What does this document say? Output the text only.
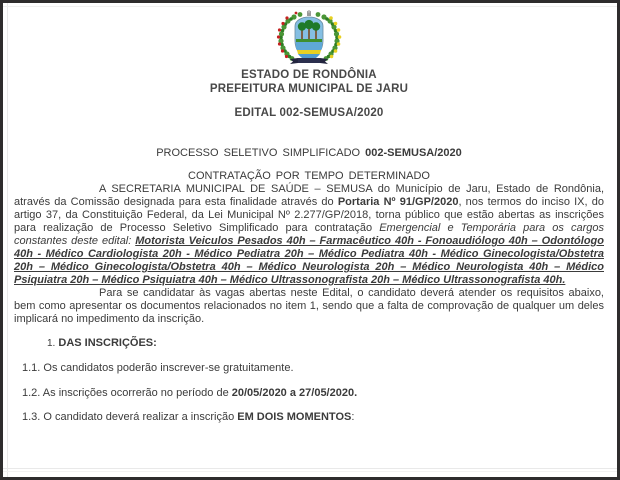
ESTADO DE RONDÔNIA
PREFEITURA MUNICIPAL DE JARU
EDITAL 002-SEMUSA/2020
PROCESSO SELETIVO SIMPLIFICADO 002-SEMUSA/2020
CONTRATAÇÃO POR TEMPO DETERMINADO

A SECRETARIA MUNICIPAL DE SAÚDE – SEMUSA do Município de Jaru, Estado de Rondônia, através da Comissão designada para esta finalidade através do Portaria Nº 91/GP/2020, nos termos do inciso IX, do artigo 37, da Constituição Federal, da Lei Municipal Nº 2.277/GP/2018, torna público que estão abertas as inscrições para realização de Processo Seletivo Simplificado para contratação Emergencial e Temporária para os cargos constantes deste edital: Motorista Veiculos Pesados 40h – Farmacêutico 40h - Fonoaudiólogo 40h – Odontólogo 40h - Médico Cardiologista 20h - Médico Pediatra 20h – Médico Pediatra 40h - Médico Ginecologista/Obstetra 20h – Médico Ginecologista/Obstetra 40h – Médico Neurologista 20h – Médico Neurologista 40h – Médico Psiquiatra 20h – Médico Psiquiatra 40h – Médico Ultrassonografista 20h – Médico Ultrassonografista 40h.

Para se candidatar às vagas abertas neste Edital, o candidato deverá atender os requisitos abaixo, bem como apresentar os documentos relacionados no item 1, sendo que a falta de comprovação de qualquer um deles implicará no impedimento da inscrição.

1. DAS INSCRIÇÕES:
1.1. Os candidatos poderão inscrever-se gratuitamente.
1.2. As inscrições ocorrerão no período de 20/05/2020 a 27/05/2020.
1.3. O candidato deverá realizar a inscrição EM DOIS MOMENTOS:
